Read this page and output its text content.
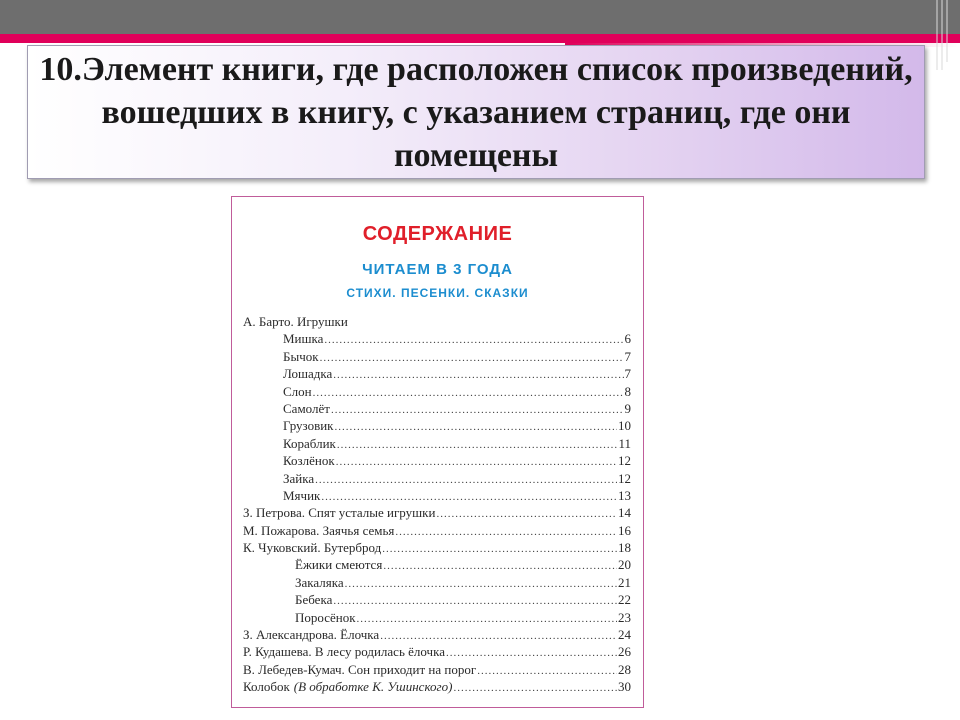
10.Элемент книги, где расположен список произведений, вошедших в книгу, с указанием страниц, где они помещены

СОДЕРЖАНИЕ
ЧИТАЕМ В 3 ГОДА
СТИХИ. ПЕСЕНКИ. СКАЗКИ
А. Барто. Игрушки
Мишка .....	6
Бычок .....	7
Лошадка .....	7
Слон .....	8
Самолёт .....	9
Грузовик .....	10
Кораблик .....	11
Козлёнок .....	12
Зайка .....	12
Мячик .....	13
З. Петрова. Спят усталые игрушки .....	14
М. Пожарова. Заячья семья .....	16
К. Чуковский. Бутерброд .....	18
Ёжики смеются .....	20
Закаляка .....	21
Бебека .....	22
Поросёнок .....	23
З. Александрова. Ёлочка .....	24
Р. Кудашева. В лесу родилась ёлочка .....	26
В. Лебедев-Кумач. Сон приходит на порог .....	28
Колобок (В обработке К. Ушинского) .....	30
